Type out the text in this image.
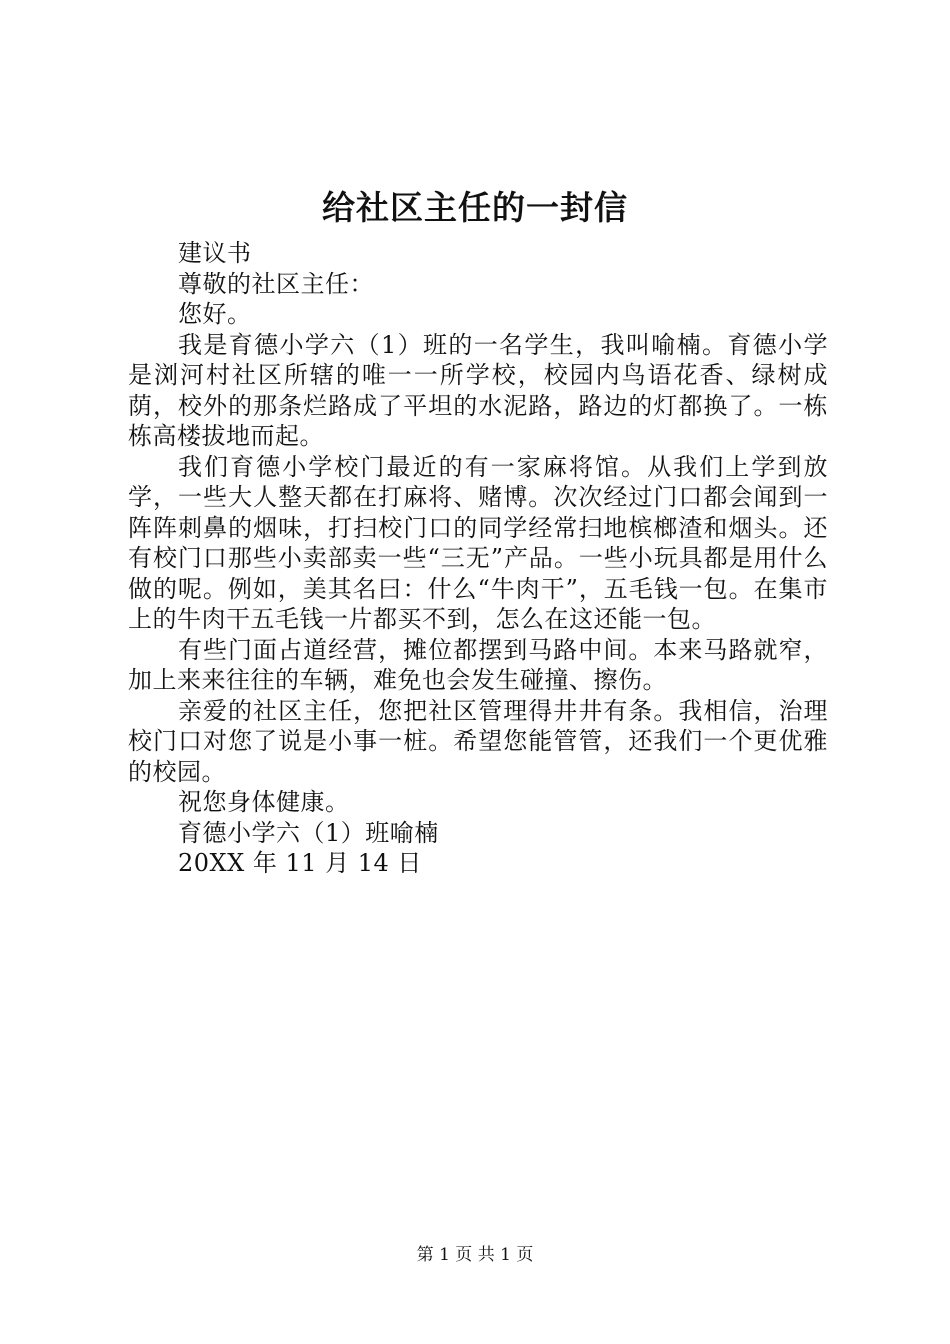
给社区主任的一封信

建议书

尊敬的社区主任：

您好。

我是育德小学六（1）班的一名学生，我叫喻楠。育德小学是浏河村社区所辖的唯一一所学校，校园内鸟语花香、绿树成荫，校外的那条烂路成了平坦的水泥路，路边的灯都换了。一栋栋高楼拔地而起。

我们育德小学校门最近的有一家麻将馆。从我们上学到放学，一些大人整天都在打麻将、赌博。次次经过门口都会闻到一阵阵刺鼻的烟味，打扫校门口的同学经常扫地槟榔渣和烟头。还有校门口那些小卖部卖一些“三无”产品。一些小玩具都是用什么做的呢。例如，美其名曰：什么“牛肉干”，五毛钱一包。在集市上的牛肉干五毛钱一片都买不到，怎么在这还能一包。

有些门面占道经营，摊位都摆到马路中间。本来马路就窄，加上来来往往的车辆，难免也会发生碰撞、擦伤。

亲爱的社区主任，您把社区管理得井井有条。我相信，治理校门口对您了说是小事一桩。希望您能管管，还我们一个更优雅的校园。

祝您身体健康。

育德小学六（1）班喻楠

20XX 年 11 月 14 日

第 1 页 共 1 页
